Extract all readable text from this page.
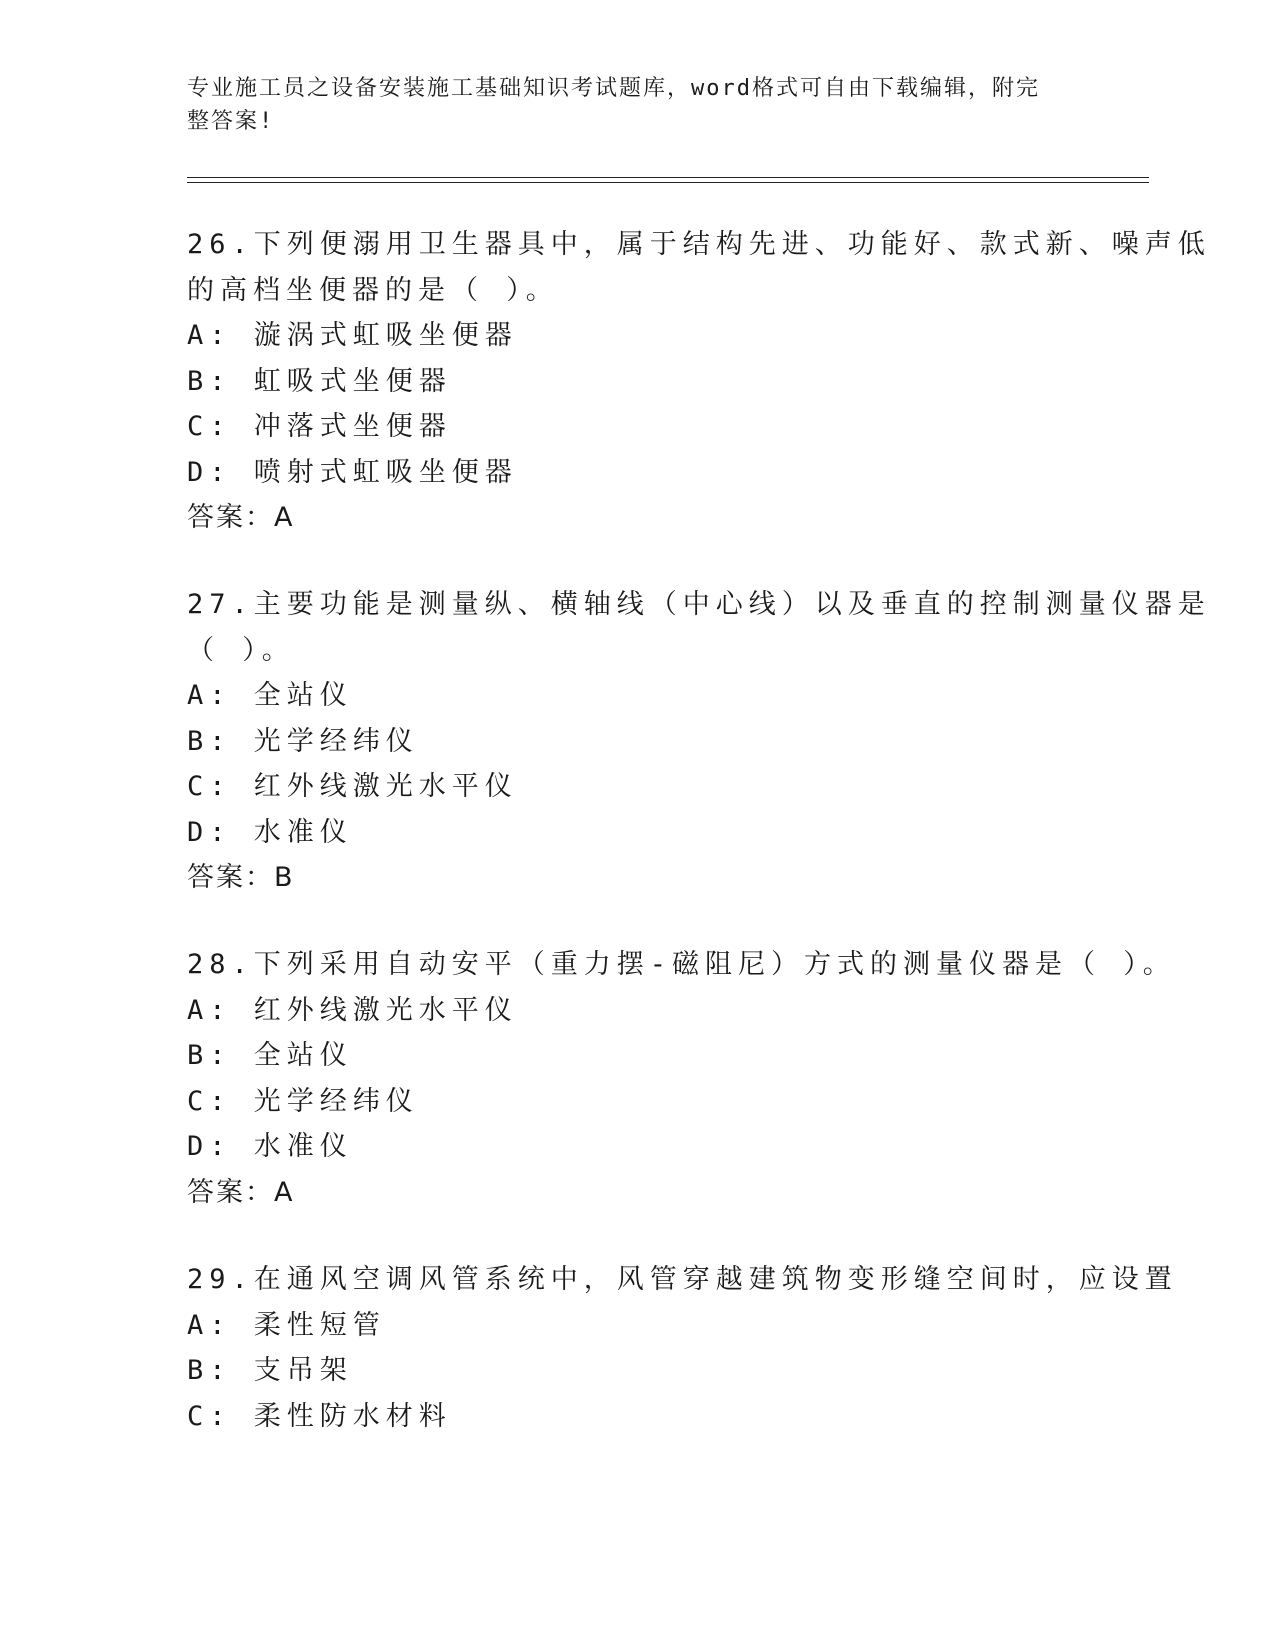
专业施工员之设备安装施工基础知识考试题库，word格式可自由下载编辑，附完
整答案!
26.下列便溺用卫生器具中，属于结构先进、功能好、款式新、噪声低
的高档坐便器的是（ ）。
A: 漩涡式虹吸坐便器
B: 虹吸式坐便器
C: 冲落式坐便器
D: 喷射式虹吸坐便器
答案：A
27.主要功能是测量纵、横轴线（中心线）以及垂直的控制测量仪器是
（ ）。
A: 全站仪
B: 光学经纬仪
C: 红外线激光水平仪
D: 水准仪
答案：B
28.下列采用自动安平（重力摆-磁阻尼）方式的测量仪器是（ ）。
A: 红外线激光水平仪
B: 全站仪
C: 光学经纬仪
D: 水准仪
答案：A
29.在通风空调风管系统中，风管穿越建筑物变形缝空间时，应设置
A: 柔性短管
B: 支吊架
C: 柔性防水材料
